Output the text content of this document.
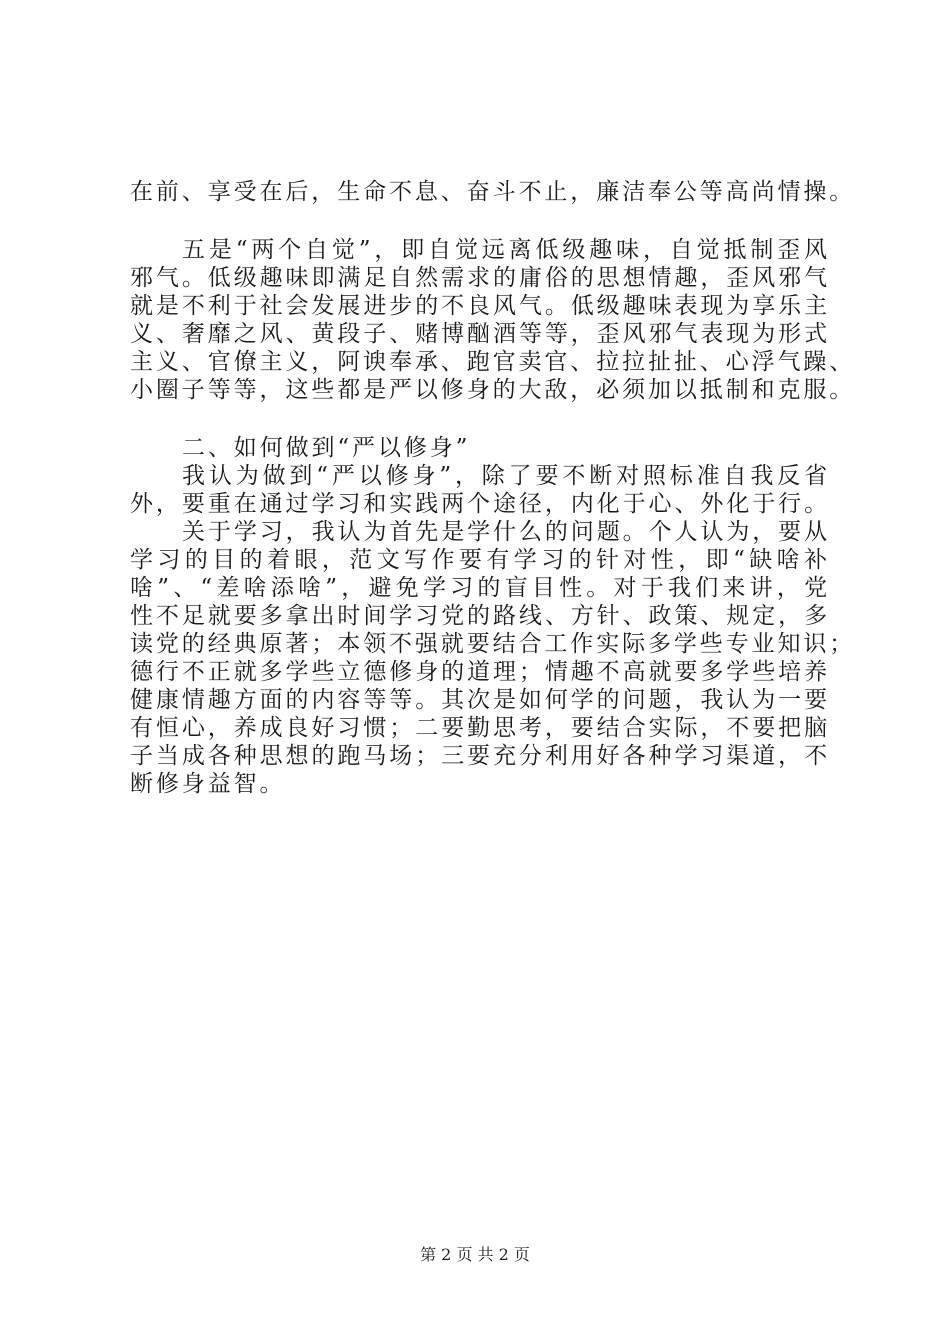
在前、享受在后，生命不息、奋斗不止，廉洁奉公等高尚情操。
五是“两个自觉”，即自觉远离低级趣味，自觉抵制歪风
邪气。低级趣味即满足自然需求的庸俗的思想情趣，歪风邪气
就是不利于社会发展进步的不良风气。低级趣味表现为享乐主
义、奢靡之风、黄段子、赌博酗酒等等，歪风邪气表现为形式
主义、官僚主义，阿谀奉承、跑官卖官、拉拉扯扯、心浮气躁、
小圈子等等，这些都是严以修身的大敌，必须加以抵制和克服。
二、如何做到“严以修身”
我认为做到“严以修身”，除了要不断对照标准自我反省
外，要重在通过学习和实践两个途径，内化于心、外化于行。
关于学习，我认为首先是学什么的问题。个人认为，要从
学习的目的着眼，范文写作要有学习的针对性，即“缺啥补
啥”、“差啥添啥”，避免学习的盲目性。对于我们来讲，党
性不足就要多拿出时间学习党的路线、方针、政策、规定，多
读党的经典原著；本领不强就要结合工作实际多学些专业知识；
德行不正就多学些立德修身的道理；情趣不高就要多学些培养
健康情趣方面的内容等等。其次是如何学的问题，我认为一要
有恒心，养成良好习惯；二要勤思考，要结合实际，不要把脑
子当成各种思想的跑马场；三要充分利用好各种学习渠道，不
断修身益智。
第 2 页 共 2 页
